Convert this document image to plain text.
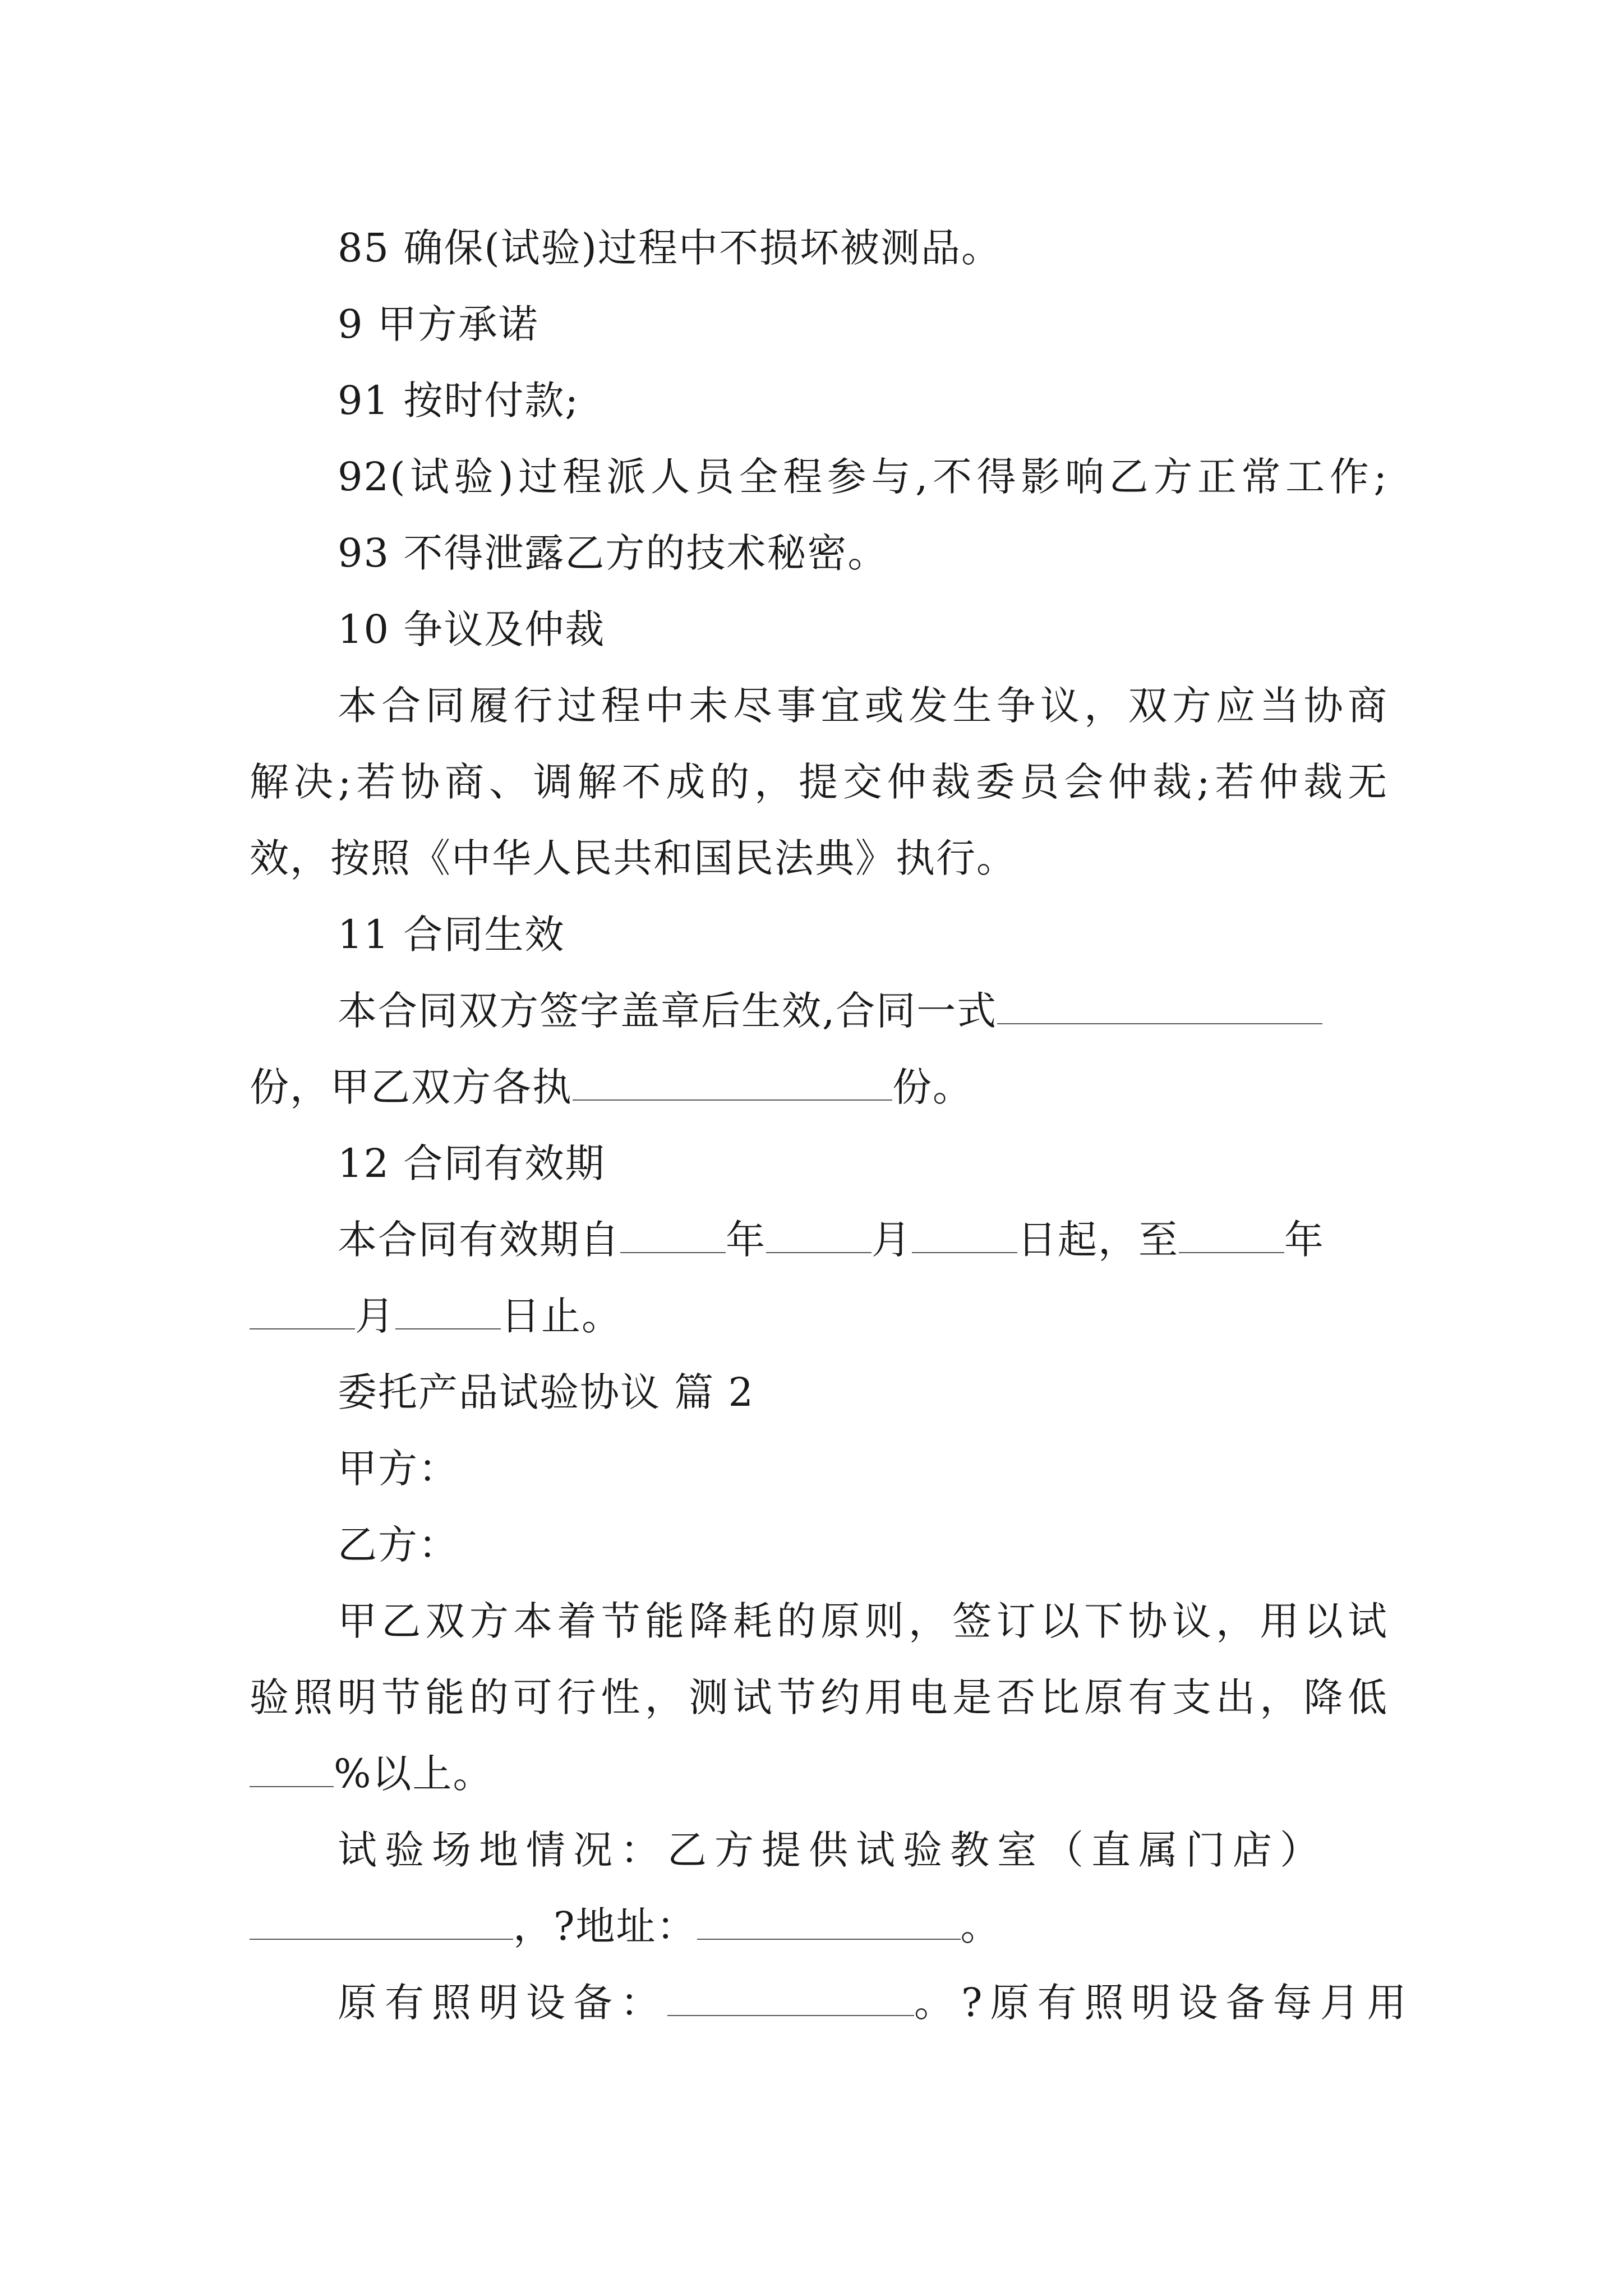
85 确保(试验)过程中不损坏被测品。
9 甲方承诺
91 按时付款;
92(试验)过程派人员全程参与,不得影响乙方正常工作;
93 不得泄露乙方的技术秘密。
10 争议及仲裁
本合同履行过程中未尽事宜或发生争议，双方应当协商
解决;若协商、调解不成的，提交仲裁委员会仲裁;若仲裁无
效，按照《中华人民共和国民法典》执行。
11 合同生效
本合同双方签字盖章后生效,合同一式
份，甲乙双方各执	份。
12 合同有效期
本合同有效期自	年	月	日起，至	年
月	日止。
委托产品试验协议 篇 2
甲方：
乙方：
甲乙双方本着节能降耗的原则，签订以下协议，用以试
验照明节能的可行性，测试节约用电是否比原有支出，降低
%以上。
试验场地情况：乙方提供试验教室（直属门店）
，?地址：	。
原有照明设备：	。?原有照明设备每月用
